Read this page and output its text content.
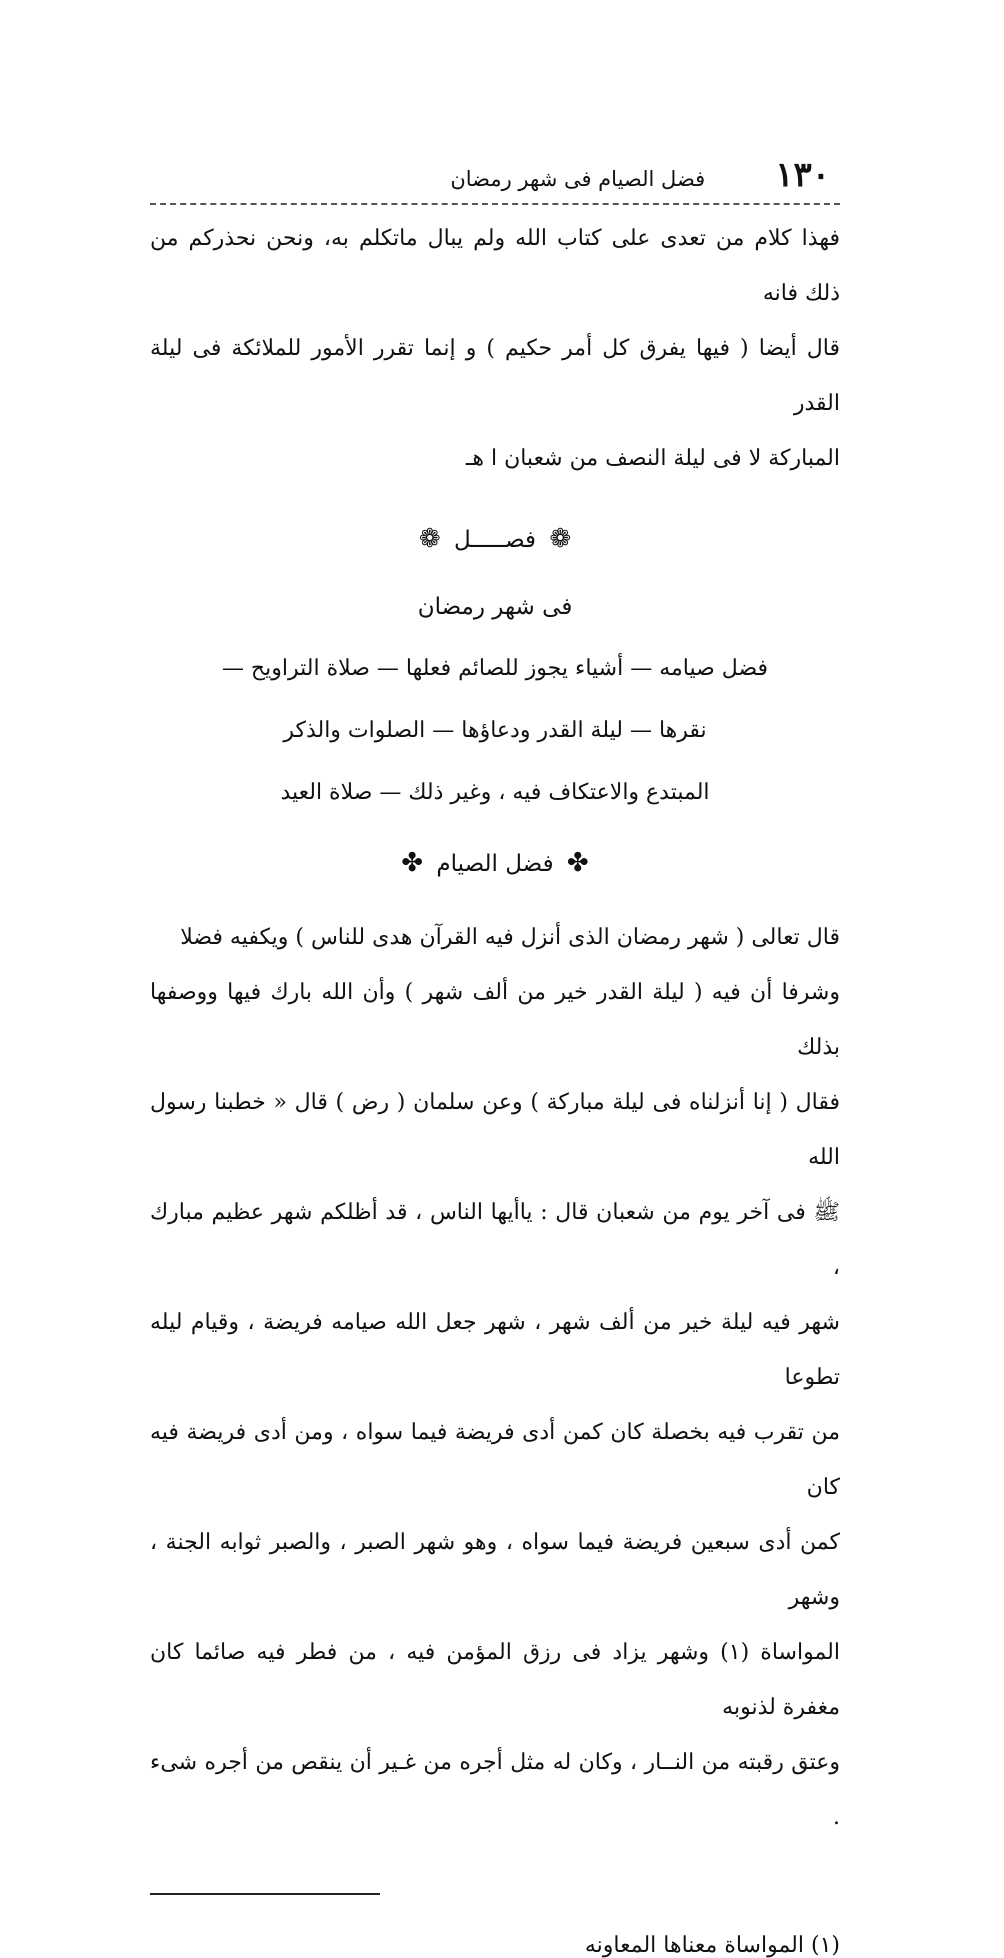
١٣٠
فضل الصيام فى شهر رمضان
فهذا كلام من تعدى على كتاب الله ولم يبال ماتكلم به، ونحن نحذركم من ذلك فانه
قال أيضا ( فيها يفرق كل أمر حكيم ) و إنما تقرر الأمور للملائكة فى ليلة القدر
المباركة لا فى ليلة النصف من شعبان ا هـ
❁ فصـــــل ❁
فى شهر رمضان
فضل صيامه — أشياء يجوز للصائم فعلها — صلاة التراويح —
نقرها — ليلة القدر ودعاؤها — الصلوات والذكر
المبتدع والاعتكاف فيه ، وغير ذلك — صلاة العيد
✤ فضل الصيام ✤
قال تعالى ( شهر رمضان الذى أنزل فيه القرآن هدى للناس ) ويكفيه فضلا
وشرفا أن فيه ( ليلة القدر خير من ألف شهر ) وأن الله بارك فيها ووصفها بذلك
فقال ( إنا أنزلناه فى ليلة مباركة ) وعن سلمان ( رض ) قال « خطبنا رسول الله
ﷺ فى آخر يوم من شعبان قال : ياأيها الناس ، قد أظلكم شهر عظيم مبارك ،
شهر فيه ليلة خير من ألف شهر ، شهر جعل الله صيامه فريضة ، وقيام ليله تطوعا
من تقرب فيه بخصلة كان كمن أدى فريضة فيما سواه ، ومن أدى فريضة فيه كان
كمن أدى سبعين فريضة فيما سواه ، وهو شهر الصبر ، والصبر ثوابه الجنة ، وشهر
المواساة (١) وشهر يزاد فى رزق المؤمن فيه ، من فطر فيه صائما كان مغفرة لذنوبه
وعتق رقبته من النــار ، وكان له مثل أجره من غـير أن ينقص من أجره شىء .
(١) المواساة معناها المعاونه
